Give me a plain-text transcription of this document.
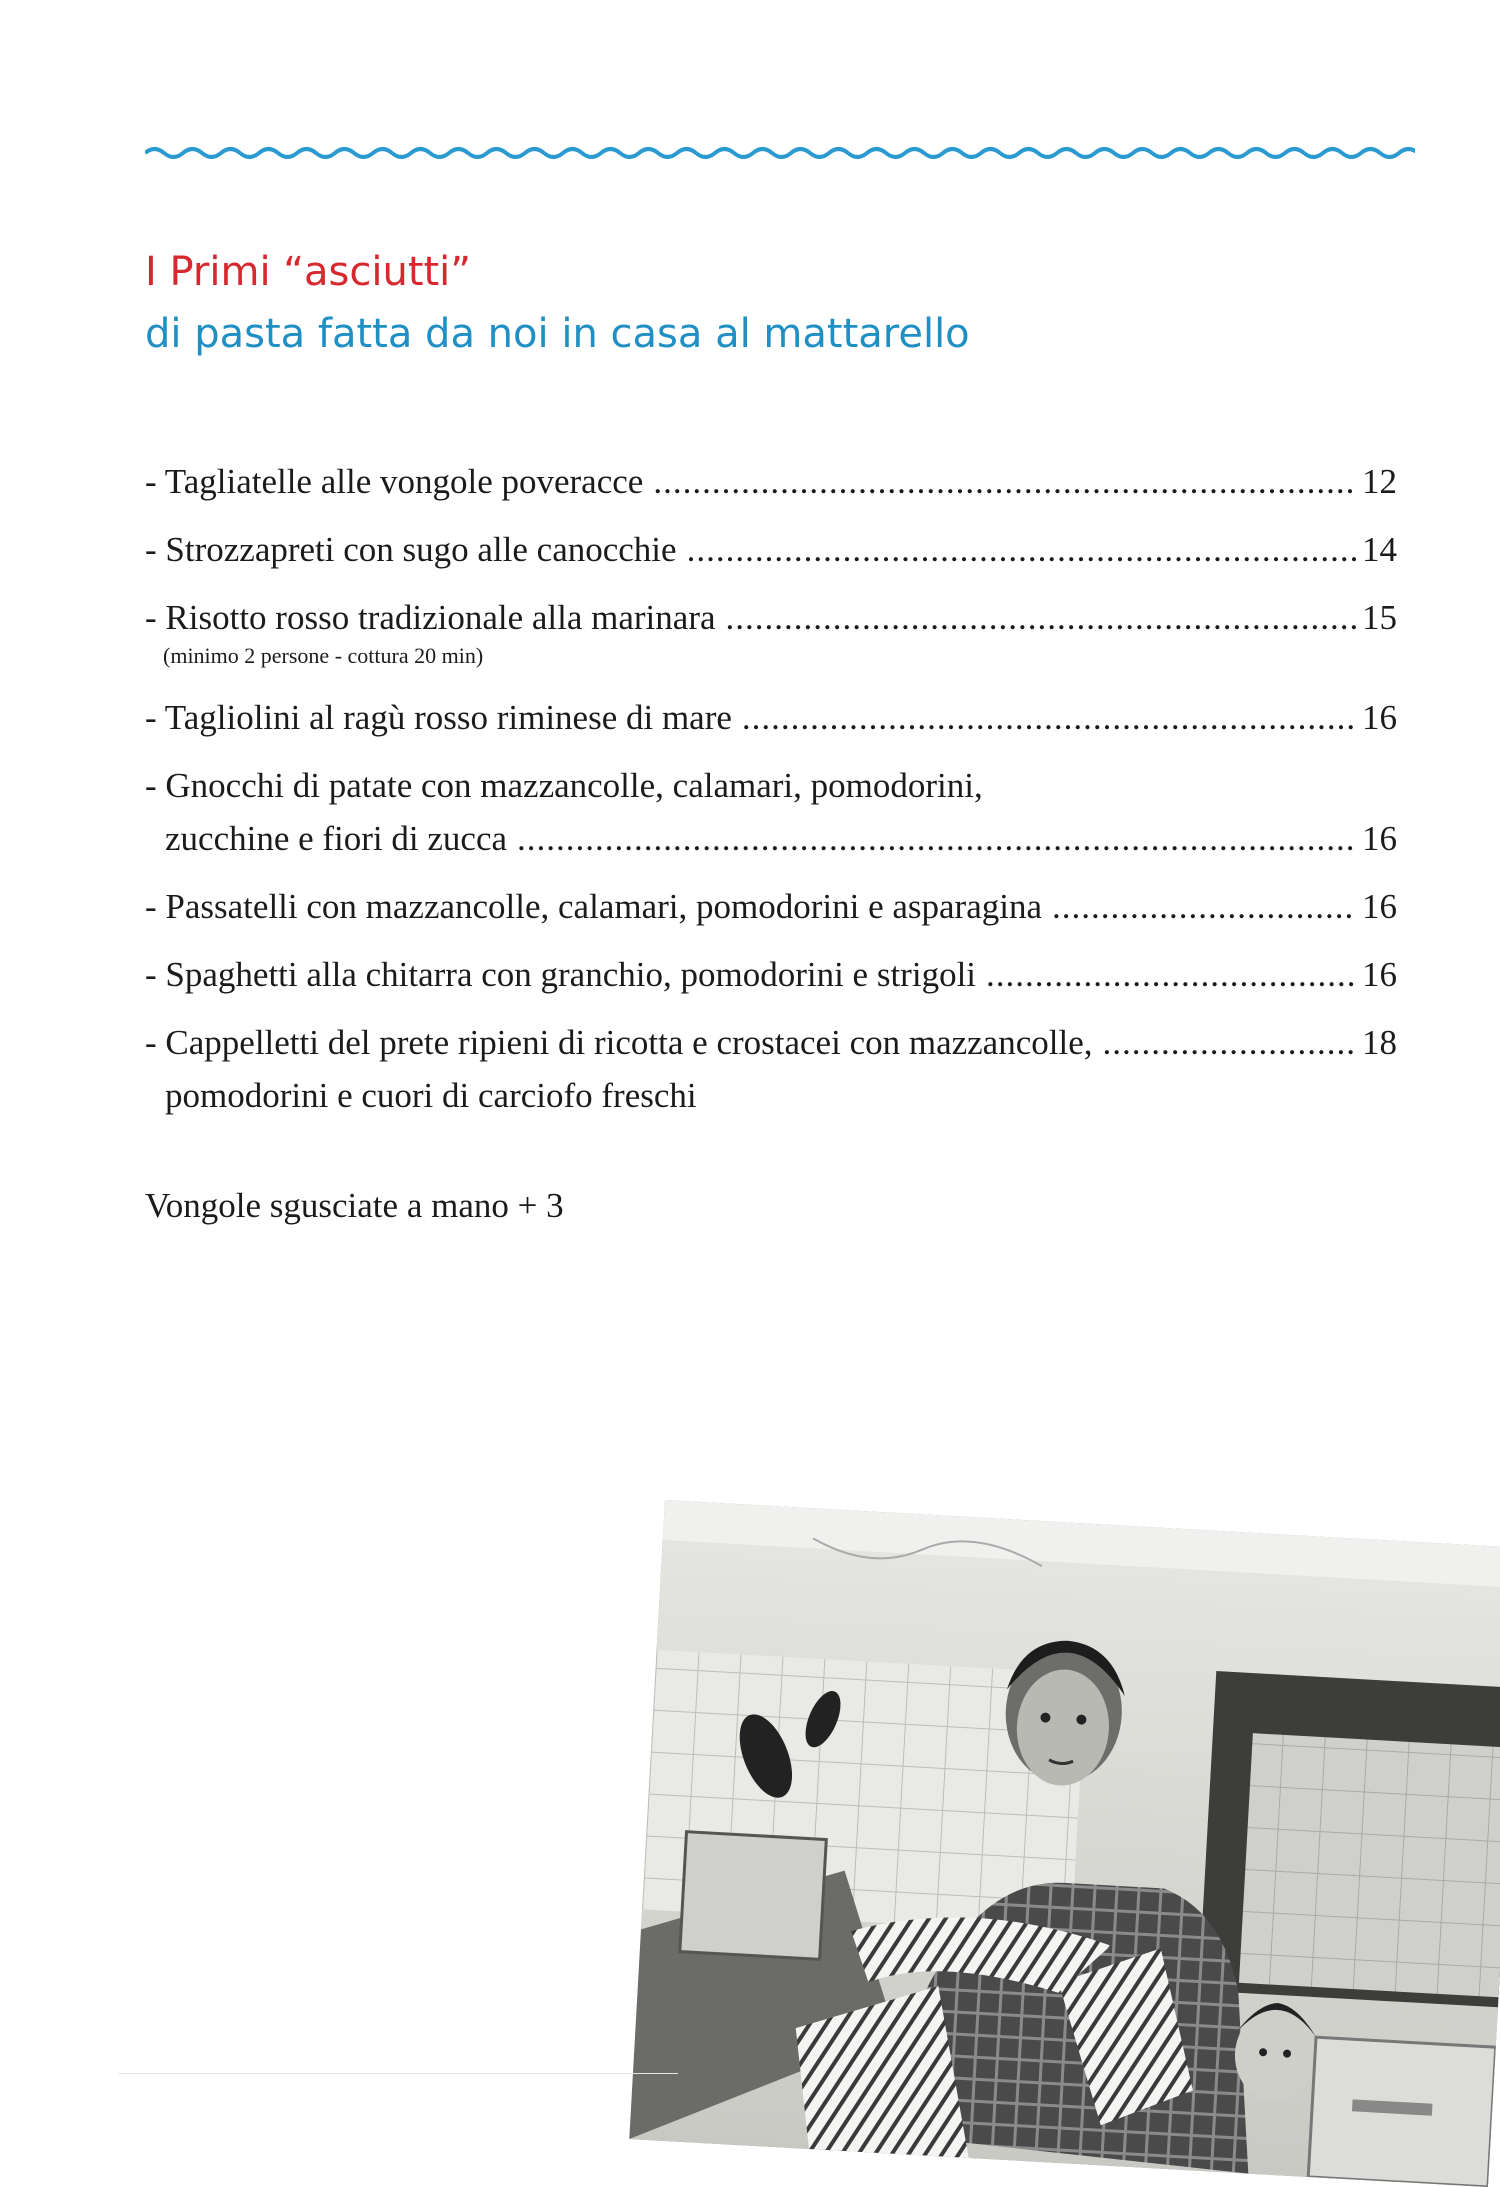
I Primi “asciutti”
di pasta fatta da noi in casa al mattarello
- Tagliatelle alle vongole poveracce .....	12
- Strozzapreti con sugo alle canocchie .....	14
- Risotto rosso tradizionale alla marinara .....	15
(minimo 2 persone - cottura 20 min)
- Tagliolini al ragù rosso riminese di mare .....	16
- Gnocchi di patate con mazzancolle, calamari, pomodorini,
zucchine e fiori di zucca .....	16
- Passatelli con mazzancolle, calamari, pomodorini e asparagina .....	16
- Spaghetti alla chitarra con granchio, pomodorini e strigoli .....	16
- Cappelletti del prete ripieni di ricotta e crostacei con mazzancolle, .....	18
pomodorini e cuori di carciofo freschi
Vongole sgusciate a mano + 3
